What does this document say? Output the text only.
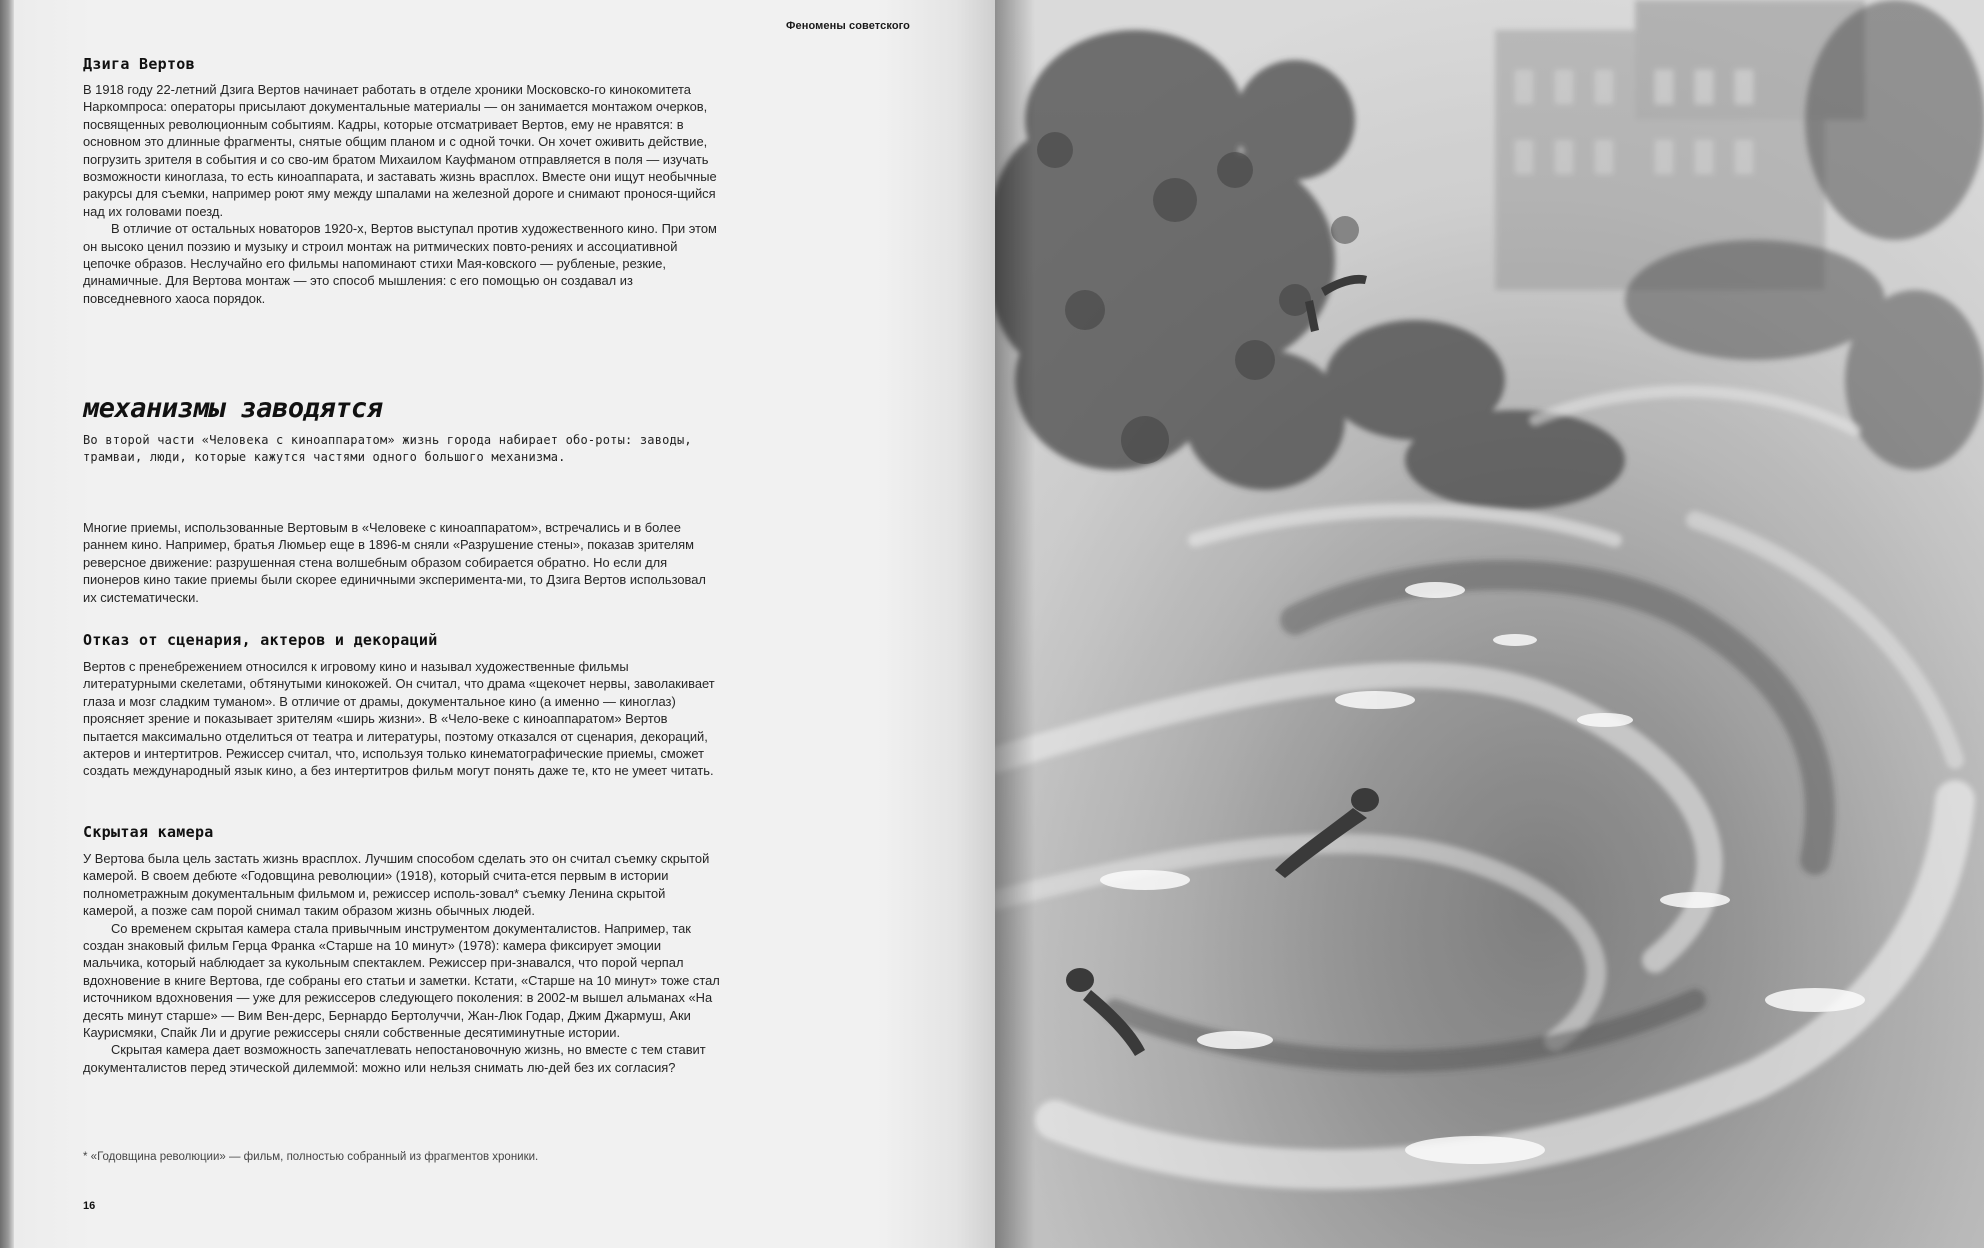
Феномены советского
Дзига Вертов

В 1918 году 22-летний Дзига Вертов начинает работать в отделе хроники Московско-го кинокомитета Наркомпроса: операторы присылают документальные материалы — он занимается монтажом очерков, посвященных революционным событиям. Кадры, которые отсматривает Вертов, ему не нравятся: в основном это длинные фрагменты, снятые общим планом и с одной точки. Он хочет оживить действие, погрузить зрителя в события и со сво-им братом Михаилом Кауфманом отправляется в поля — изучать возможности киноглаза, то есть киноаппарата, и заставать жизнь врасплох. Вместе они ищут необычные ракурсы для съемки, например роют яму между шпалами на железной дороге и снимают проноcя-щийся над их головами поезд.

В отличие от остальных новаторов 1920-х, Вертов выступал против художественного кино. При этом он высоко ценил поэзию и музыку и строил монтаж на ритмических повто-рениях и ассоциативной цепочке образов. Неслучайно его фильмы напоминают стихи Мая-ковского — рубленые, резкие, динамичные. Для Вертова монтаж — это способ мышления: с его помощью он создавал из повседневного хаоса порядок.

механизмы заводятся

Во второй части «Человека с киноаппаратом» жизнь города набирает обо-роты: заводы, трамваи, люди, которые кажутся частями одного большого механизма.

Многие приемы, использованные Вертовым в «Человеке с киноаппаратом», встречались и в более раннем кино. Например, братья Люмьер еще в 1896-м сняли «Разрушение стены», показав зрителям реверсное движение: разрушенная стена волшебным образом собирается обратно. Но если для пионеров кино такие приемы были скорее единичными эксперимента-ми, то Дзига Вертов использовал их систематически.

Отказ от сценария, актеров и декораций

Вертов с пренебрежением относился к игровому кино и называл художественные фильмы литературными скелетами, обтянутыми кинокожей. Он считал, что драма «щекочет нервы, заволакивает глаза и мозг сладким туманом». В отличие от драмы, документальное кино (а именно — киноглаз) проясняет зрение и показывает зрителям «ширь жизни». В «Чело-веке с киноаппаратом» Вертов пытается максимально отделиться от театра и литературы, поэтому отказался от сценария, декораций, актеров и интертитров. Режиссер считал, что, используя только кинематографические приемы, сможет создать международный язык кино, а без интертитров фильм могут понять даже те, кто не умеет читать.

Скрытая камера

У Вертова была цель застать жизнь врасплох. Лучшим способом сделать это он считал съемку скрытой камерой. В своем дебюте «Годовщина революции» (1918), который счита-ется первым в истории полнометражным документальным фильмом и, режиссер исполь-зовал* съемку Ленина скрытой камерой, а позже сам порой снимал таким образом жизнь обычных людей.

Со временем скрытая камера стала привычным инструментом документалистов. Например, так создан знаковый фильм Герца Франка «Старше на 10 минут» (1978): камера фиксирует эмоции мальчика, который наблюдает за кукольным спектаклем. Режиссер при-знавался, что порой черпал вдохновение в книге Вертова, где собраны его статьи и заметки. Кстати, «Старше на 10 минут» тоже стал источником вдохновения — уже для режиссеров следующего поколения: в 2002-м вышел альманах «На десять минут старше» — Вим Вен-дерс, Бернардо Бертолуччи, Жан-Люк Годар, Джим Джармуш, Аки Каурисмяки, Спайк Ли и другие режиссеры сняли собственные десятиминутные истории.

Скрытая камера дает возможность запечатлевать непостановочную жизнь, но вместе с тем ставит документалистов перед этической дилеммой: можно или нельзя снимать лю-дей без их согласия?

* «Годовщина революции» — фильм, полностью собранный из фрагментов хроники.

16
